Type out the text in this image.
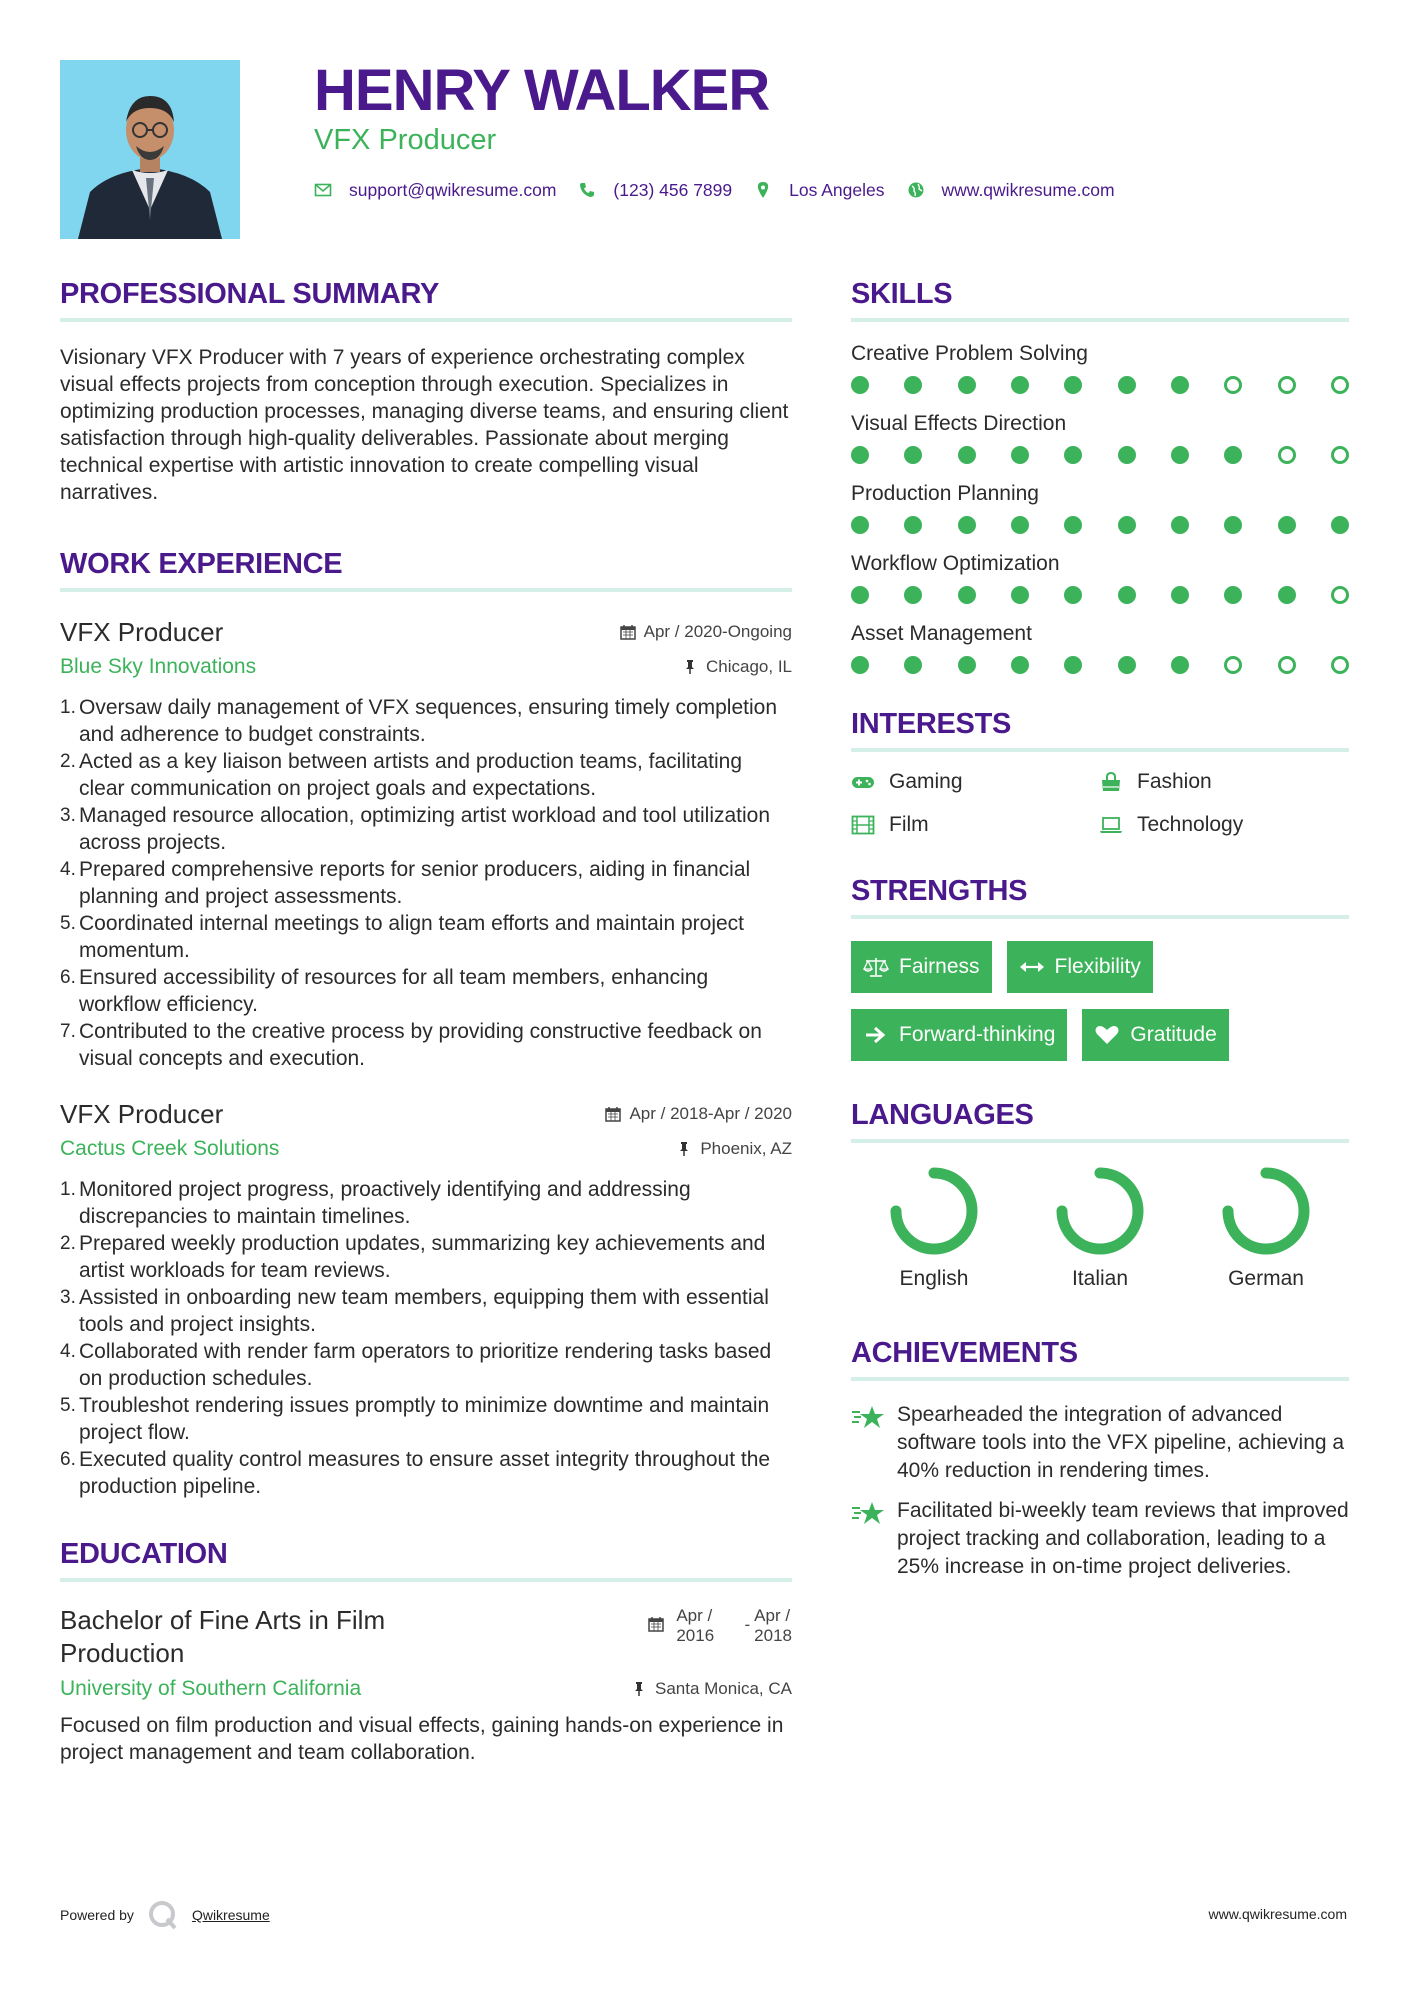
HENRY WALKER
VFX Producer
support@qwikresume.com	(123) 456 7899	Los Angeles	www.qwikresume.com
PROFESSIONAL SUMMARY

Visionary VFX Producer with 7 years of experience orchestrating complex visual effects projects from conception through execution. Specializes in optimizing production processes, managing diverse teams, and ensuring client satisfaction through high-quality deliverables. Passionate about merging technical expertise with artistic innovation to create compelling visual narratives.

WORK EXPERIENCE
VFX Producer	Apr / 2020-Ongoing
Blue Sky Innovations	Chicago, IL
1. Oversaw daily management of VFX sequences, ensuring timely completion and adherence to budget constraints.
2. Acted as a key liaison between artists and production teams, facilitating clear communication on project goals and expectations.
3. Managed resource allocation, optimizing artist workload and tool utilization across projects.
4. Prepared comprehensive reports for senior producers, aiding in financial planning and project assessments.
5. Coordinated internal meetings to align team efforts and maintain project momentum.
6. Ensured accessibility of resources for all team members, enhancing workflow efficiency.
7. Contributed to the creative process by providing constructive feedback on visual concepts and execution.
VFX Producer	Apr / 2018-Apr / 2020
Cactus Creek Solutions	Phoenix, AZ
1. Monitored project progress, proactively identifying and addressing discrepancies to maintain timelines.
2. Prepared weekly production updates, summarizing key achievements and artist workloads for team reviews.
3. Assisted in onboarding new team members, equipping them with essential tools and project insights.
4. Collaborated with render farm operators to prioritize rendering tasks based on production schedules.
5. Troubleshot rendering issues promptly to minimize downtime and maintain project flow.
6. Executed quality control measures to ensure asset integrity throughout the production pipeline.
EDUCATION
Bachelor of Fine Arts in Film Production
Apr /
2016
- Apr /
2018
University of Southern California	Santa Monica, CA

Focused on film production and visual effects, gaining hands-on experience in project management and team collaboration.

SKILLS
Creative Problem Solving
Visual Effects Direction
Production Planning
Workflow Optimization
Asset Management
INTERESTS
Gaming	Fashion
Film	Technology
STRENGTHS
Fairness	Flexibility
Forward-thinking	Gratitude
LANGUAGES
English	Italian	German
ACHIEVEMENTS
Spearheaded the integration of advanced software tools into the VFX pipeline, achieving a 40% reduction in rendering times.
Facilitated bi-weekly team reviews that improved project tracking and collaboration, leading to a 25% increase in on-time project deliveries.
Powered by	Qwikresume	www.qwikresume.com
